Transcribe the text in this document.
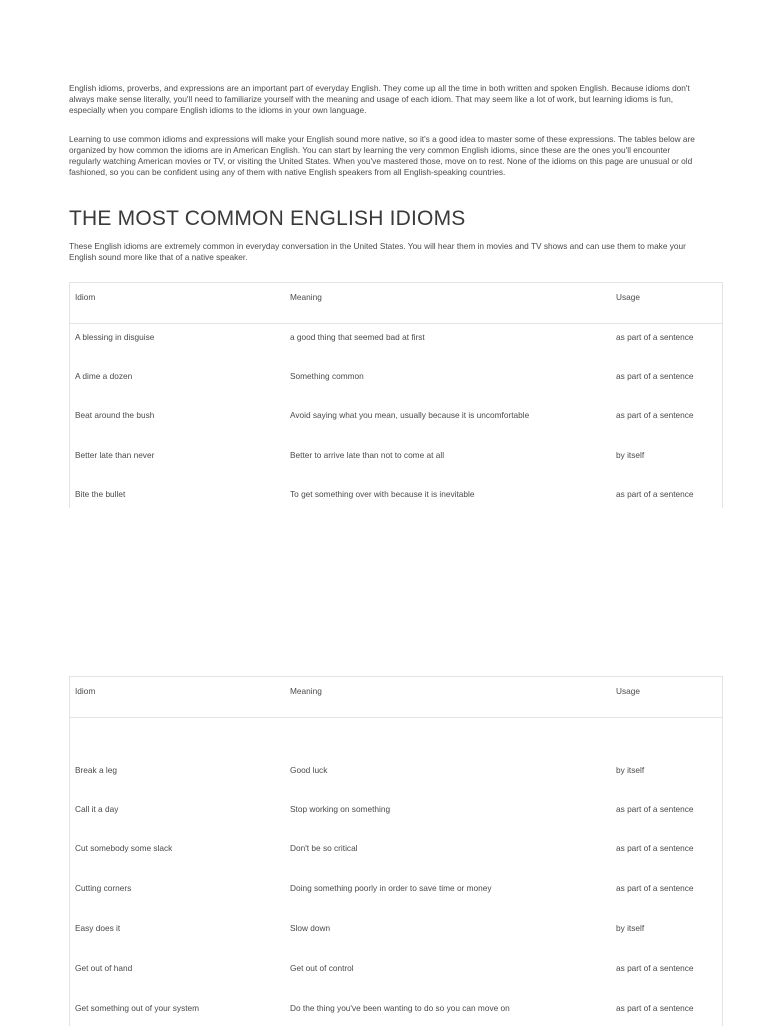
English idioms, proverbs, and expressions are an important part of everyday English. They come up all the time in both written and spoken English. Because idioms don't always make sense literally, you'll need to familiarize yourself with the meaning and usage of each idiom. That may seem like a lot of work, but learning idioms is fun, especially when you compare English idioms to the idioms in your own language.

Learning to use common idioms and expressions will make your English sound more native, so it's a good idea to master some of these expressions. The tables below are organized by how common the idioms are in American English. You can start by learning the very common English idioms, since these are the ones you'll encounter regularly watching American movies or TV, or visiting the United States. When you've mastered those, move on to rest. None of the idioms on this page are unusual or old fashioned, so you can be confident using any of them with native English speakers from all English-speaking countries.

THE MOST COMMON ENGLISH IDIOMS

These English idioms are extremely common in everyday conversation in the United States. You will hear them in movies and TV shows and can use them to make your English sound more like that of a native speaker.

Idiom	Meaning	Usage
A blessing in disguise	a good thing that seemed bad at first	as part of a sentence
A dime a dozen	Something common	as part of a sentence
Beat around the bush	Avoid saying what you mean, usually because it is uncomfortable	as part of a sentence
Better late than never	Better to arrive late than not to come at all	by itself
Bite the bullet	To get something over with because it is inevitable	as part of a sentence
Idiom	Meaning	Usage
Break a leg	Good luck	by itself
Call it a day	Stop working on something	as part of a sentence
Cut somebody some slack	Don't be so critical	as part of a sentence
Cutting corners	Doing something poorly in order to save time or money	as part of a sentence
Easy does it	Slow down	by itself
Get out of hand	Get out of control	as part of a sentence
Get something out of your system	Do the thing you've been wanting to do so you can move on	as part of a sentence
